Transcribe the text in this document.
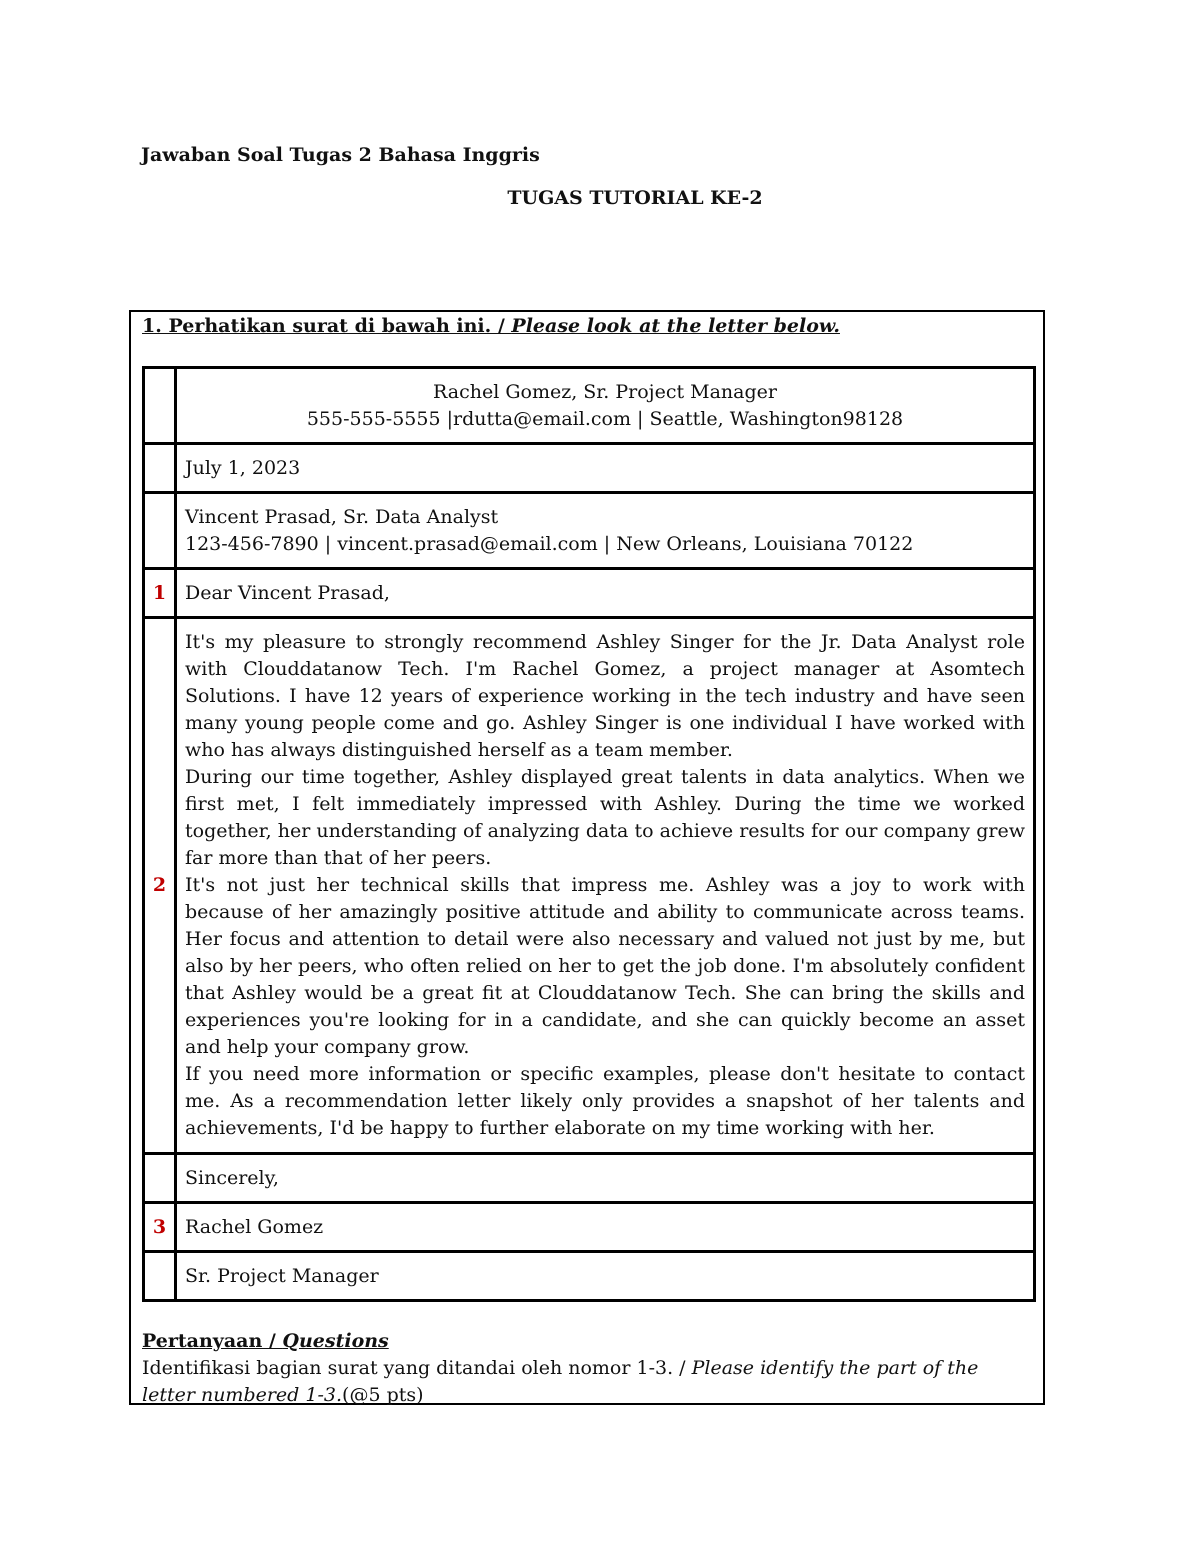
Jawaban Soal Tugas 2 Bahasa Inggris
TUGAS TUTORIAL KE-2
1. Perhatikan surat di bawah ini. / Please look at the letter below.

	Rachel Gomez, Sr. Project Manager
555-555-5555 |rdutta@email.com | Seattle, Washington98128

	July 1, 2023

	Vincent Prasad, Sr. Data Analyst
123-456-7890 | vincent.prasad@email.com | New Orleans, Louisiana 70122

1	Dear Vincent Prasad,
2	It's my pleasure to strongly recommend Ashley Singer for the Jr. Data Analyst role with Clouddatanow Tech. I'm Rachel Gomez, a project manager at Asomtech Solutions. I have 12 years of experience working in the tech industry and have seen many young people come and go. Ashley Singer is one individual I have worked with who has always distinguished herself as a team member.

During our time together, Ashley displayed great talents in data analytics. When we first met, I felt immediately impressed with Ashley. During the time we worked together, her understanding of analyzing data to achieve results for our company grew far more than that of her peers.

It's not just her technical skills that impress me. Ashley was a joy to work with because of her amazingly positive attitude and ability to communicate across teams. Her focus and attention to detail were also necessary and valued not just by me, but also by her peers, who often relied on her to get the job done. I'm absolutely confident that Ashley would be a great fit at Clouddatanow Tech. She can bring the skills and experiences you're looking for in a candidate, and she can quickly become an asset and help your company grow.

If you need more information or specific examples, please don't hesitate to contact me. As a recommendation letter likely only provides a snapshot of her talents and achievements, I'd be happy to further elaborate on my time working with her.

	Sincerely,
3	Rachel Gomez
	Sr. Project Manager
Pertanyaan / Questions
Identifikasi bagian surat yang ditandai oleh nomor 1-3. / Please identify the part of the letter numbered 1-3.(@5 pts)
